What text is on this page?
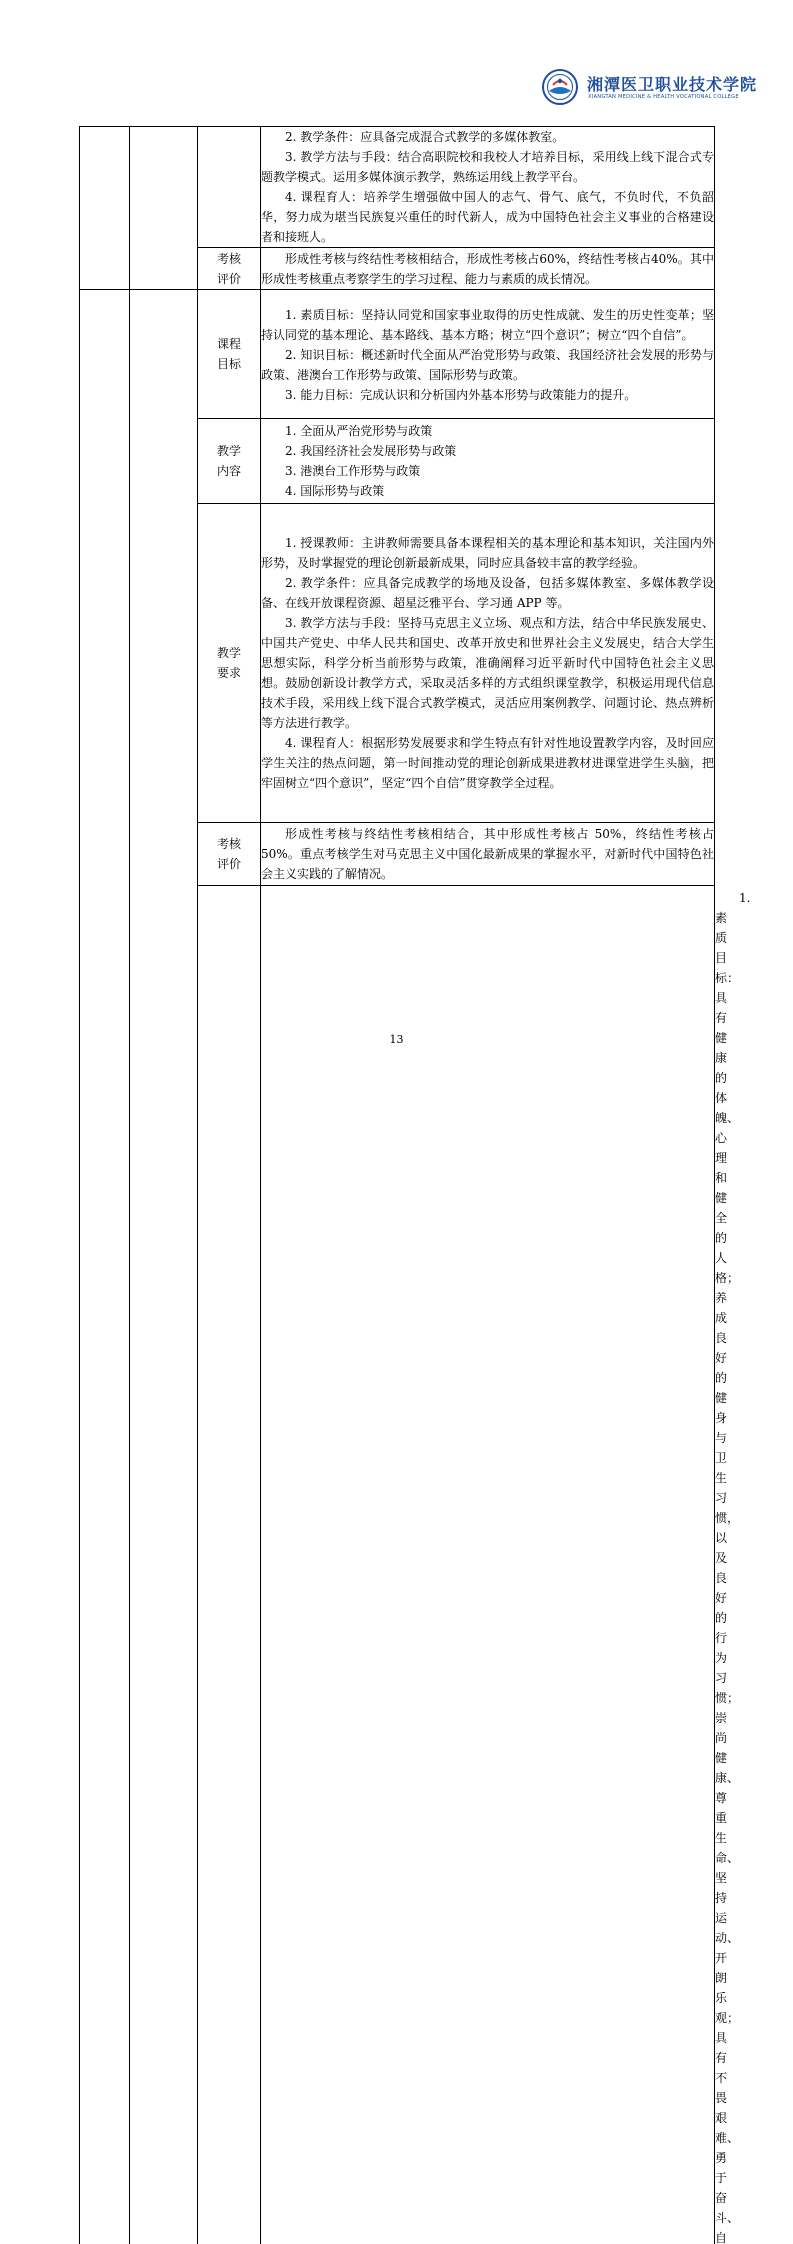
湘潭医卫职业技术学院
XIANGTAN MEDICINE & HEALTH VOCATIONAL COLLEGE

			2. 教学条件：应具备完成混合式教学的多媒体教室。
3. 教学方法与手段：结合高职院校和我校人才培养目标，采用线上线下混合式专题教学模式。运用多媒体演示教学，熟练运用线上教学平台。
4. 课程育人：培养学生增强做中国人的志气、骨气、底气，不负时代，不负韶华，努力成为堪当民族复兴重任的时代新人，成为中国特色社会主义事业的合格建设者和接班人。	

		考核评价	形成性考核与终结性考核相结合，形成性考核占60%，终结性考核占40%。其中形成性考核重点考察学生的学习过程、能力与素质的成长情况。	

		课程目标	1. 素质目标：坚持认同党和国家事业取得的历史性成就、发生的历史性变革；坚持认同党的基本理论、基本路线、基本方略；树立“四个意识”；树立“四个自信”。
2. 知识目标：概述新时代全面从严治党形势与政策、我国经济社会发展的形势与政策、港澳台工作形势与政策、国际形势与政策。
3. 能力目标：完成认识和分析国内外基本形势与政策能力的提升。	

		教学内容	1. 全面从严治党形势与政策
2. 我国经济社会发展形势与政策
3. 港澳台工作形势与政策
4. 国际形势与政策	

		教学要求	1. 授课教师：主讲教师需要具备本课程相关的基本理论和基本知识，关注国内外形势，及时掌握党的理论创新最新成果，同时应具备较丰富的教学经验。
2. 教学条件：应具备完成教学的场地及设备，包括多媒体教室、多媒体教学设备、在线开放课程资源、超星泛雅平台、学习通 APP 等。
3. 教学方法与手段：坚持马克思主义立场、观点和方法，结合中华民族发展史、中国共产党史、中华人民共和国史、改革开放史和世界社会主义发展史，结合大学生思想实际，科学分析当前形势与政策，准确阐释习近平新时代中国特色社会主义思想。鼓励创新设计教学方式，采取灵活多样的方式组织课堂教学，积极运用现代信息技术手段，采用线上线下混合式教学模式，灵活应用案例教学、问题讨论、热点辨析等方法进行教学。
4. 课程育人：根据形势发展要求和学生特点有针对性地设置教学内容，及时回应学生关注的热点问题，第一时间推动党的理论创新成果进教材进课堂进学生头脑，把牢固树立“四个意识”，坚定“四个自信”贯穿教学全过程。	

		考核评价	形成性考核与终结性考核相结合，其中形成性考核占 50%，终结性考核占 50%。重点考核学生对马克思主义中国化最新成果的掌握水平，对新时代中国特色社会主义实践的了解情况。	

1. 素质目标：具有健康的体魄、心理和健全的人格；养成良好的健身与卫生习惯，以及良好的行为习惯；崇尚健康、尊重生命、坚持运动、开朗乐观；具有不畏艰难、勇于奋斗、自
13
